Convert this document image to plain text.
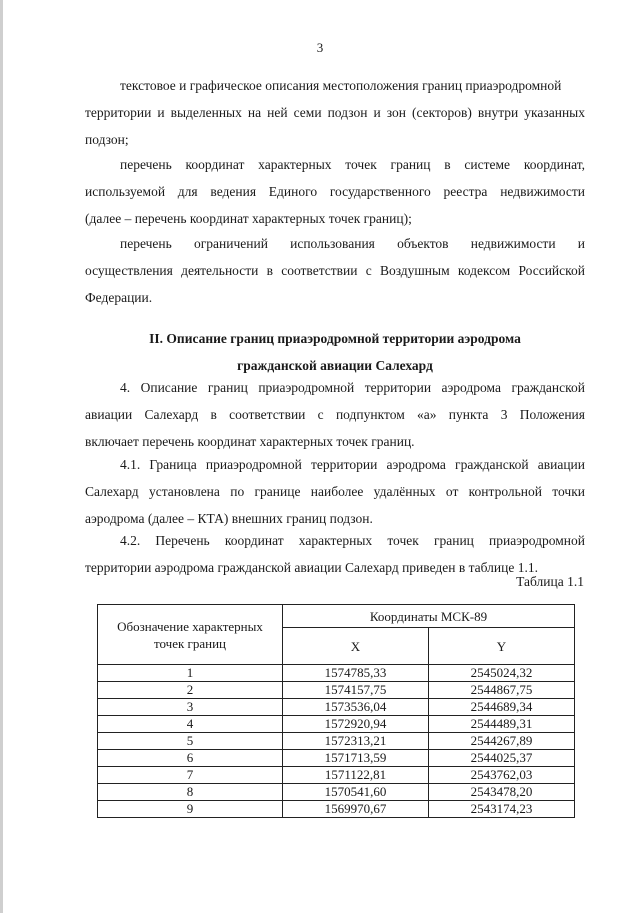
3
текстовое и графическое описания местоположения границ приаэродромной
территории и выделенных на ней семи подзон и зон (секторов) внутри указанных
подзон;
перечень координат характерных точек границ в системе координат,
используемой для ведения Единого государственного реестра недвижимости
(далее – перечень координат характерных точек границ);
перечень ограничений использования объектов недвижимости и
осуществления деятельности в соответствии с Воздушным кодексом Российской
Федерации.
II. Описание границ приаэродромной территории аэродрома
гражданской авиации Салехард
4. Описание границ приаэродромной территории аэродрома гражданской
авиации Салехард в соответствии с подпунктом «а» пункта 3 Положения
включает перечень координат характерных точек границ.
4.1. Граница приаэродромной территории аэродрома гражданской авиации
Салехард установлена по границе наиболее удалённых от контрольной точки
аэродрома (далее – КТА) внешних границ подзон.
4.2. Перечень координат характерных точек границ приаэродромной
территории аэродрома гражданской авиации Салехард приведен в таблице 1.1.
Таблица 1.1
Обозначение характерных точек границ	Координаты МСК-89	
	X	Y
1	1574785,33	2545024,32
2	1574157,75	2544867,75
3	1573536,04	2544689,34
4	1572920,94	2544489,31
5	1572313,21	2544267,89
6	1571713,59	2544025,37
7	1571122,81	2543762,03
8	1570541,60	2543478,20
9	1569970,67	2543174,23
